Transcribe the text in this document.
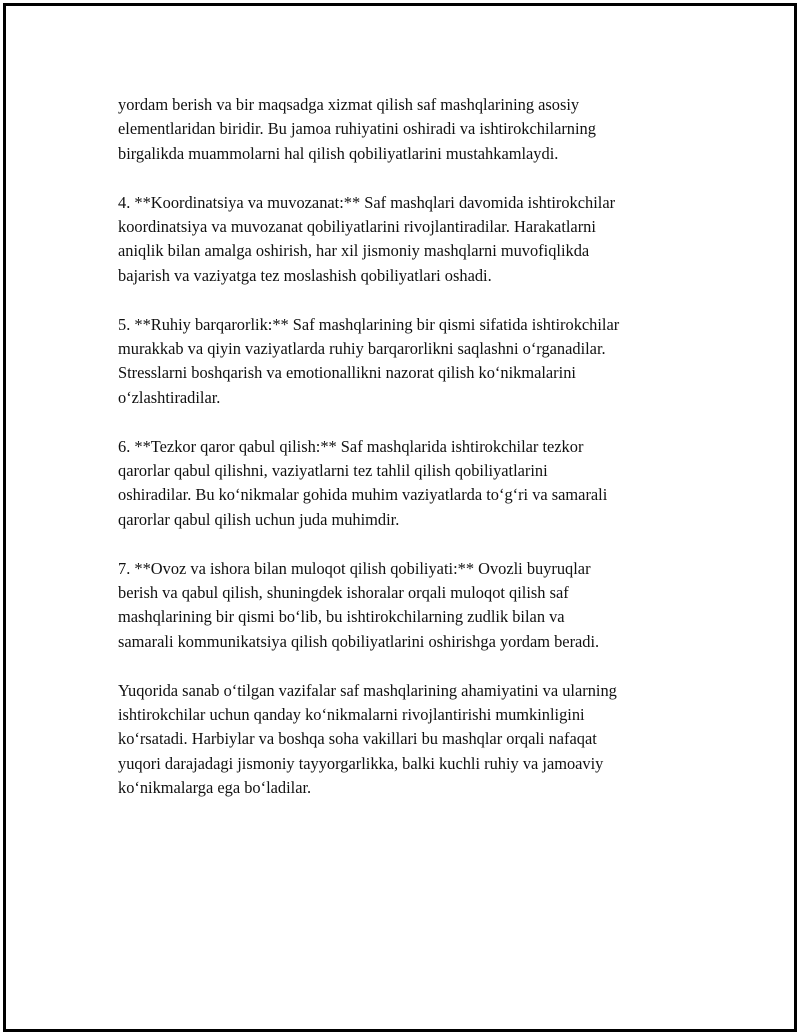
yordam berish va bir maqsadga xizmat qilish saf mashqlarining asosiy
elementlaridan biridir. Bu jamoa ruhiyatini oshiradi va ishtirokchilarning
birgalikda muammolarni hal qilish qobiliyatlarini mustahkamlaydi.

4. **Koordinatsiya va muvozanat:** Saf mashqlari davomida ishtirokchilar
koordinatsiya va muvozanat qobiliyatlarini rivojlantiradilar. Harakatlarni
aniqlik bilan amalga oshirish, har xil jismoniy mashqlarni muvofiqlikda
bajarish va vaziyatga tez moslashish qobiliyatlari oshadi.

5. **Ruhiy barqarorlik:** Saf mashqlarining bir qismi sifatida ishtirokchilar
murakkab va qiyin vaziyatlarda ruhiy barqarorlikni saqlashni o‘rganadilar.
Stresslarni boshqarish va emotionallikni nazorat qilish ko‘nikmalarini
o‘zlashtiradilar.

6. **Tezkor qaror qabul qilish:** Saf mashqlarida ishtirokchilar tezkor
qarorlar qabul qilishni, vaziyatlarni tez tahlil qilish qobiliyatlarini
oshiradilar. Bu ko‘nikmalar gohida muhim vaziyatlarda to‘g‘ri va samarali
qarorlar qabul qilish uchun juda muhimdir.

7. **Ovoz va ishora bilan muloqot qilish qobiliyati:** Ovozli buyruqlar
berish va qabul qilish, shuningdek ishoralar orqali muloqot qilish saf
mashqlarining bir qismi bo‘lib, bu ishtirokchilarning zudlik bilan va
samarali kommunikatsiya qilish qobiliyatlarini oshirishga yordam beradi.

Yuqorida sanab o‘tilgan vazifalar saf mashqlarining ahamiyatini va ularning
ishtirokchilar uchun qanday ko‘nikmalarni rivojlantirishi mumkinligini
ko‘rsatadi. Harbiylar va boshqa soha vakillari bu mashqlar orqali nafaqat
yuqori darajadagi jismoniy tayyorgarlikka, balki kuchli ruhiy va jamoaviy
ko‘nikmalarga ega bo‘ladilar.
